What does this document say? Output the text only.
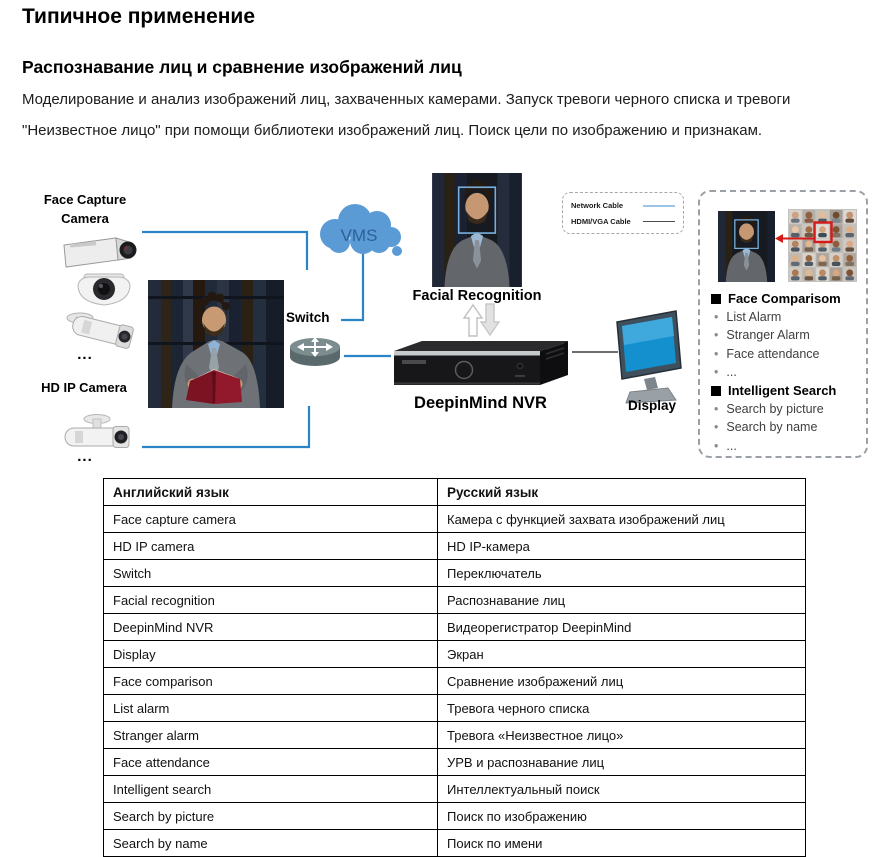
Типичное применение
Распознавание лиц и сравнение изображений лиц
Моделирование и анализ изображений лиц, захваченных камерами. Запуск тревоги черного списка и тревоги
"Неизвестное лицо" при помощи библиотеки изображений лиц. Поиск цели по изображению и признакам.
Face Capture
Camera
...
HD IP Camera
...
VMS
Switch
Facial Recognition
DeepinMind NVR	Display
Network Cable
HDMI/VGA Cable
Face Comparisom
• List Alarm
• Stranger Alarm
• Face attendance
• ...
Intelligent Search
• Search by picture
• Search by name
• ...
Английский язык	Русский язык
Face capture camera	Камера с функцией захвата изображений лиц
HD IP camera	HD IP-камера
Switch	Переключатель
Facial recognition	Распознавание лиц
DeepinMind NVR	Видеорегистратор DeepinMind
Display	Экран
Face comparison	Сравнение изображений лиц
List alarm	Тревога черного списка
Stranger alarm	Тревога «Неизвестное лицо»
Face attendance	УРВ и распознавание лиц
Intelligent search	Интеллектуальный поиск
Search by picture	Поиск по изображению
Search by name	Поиск по имени
